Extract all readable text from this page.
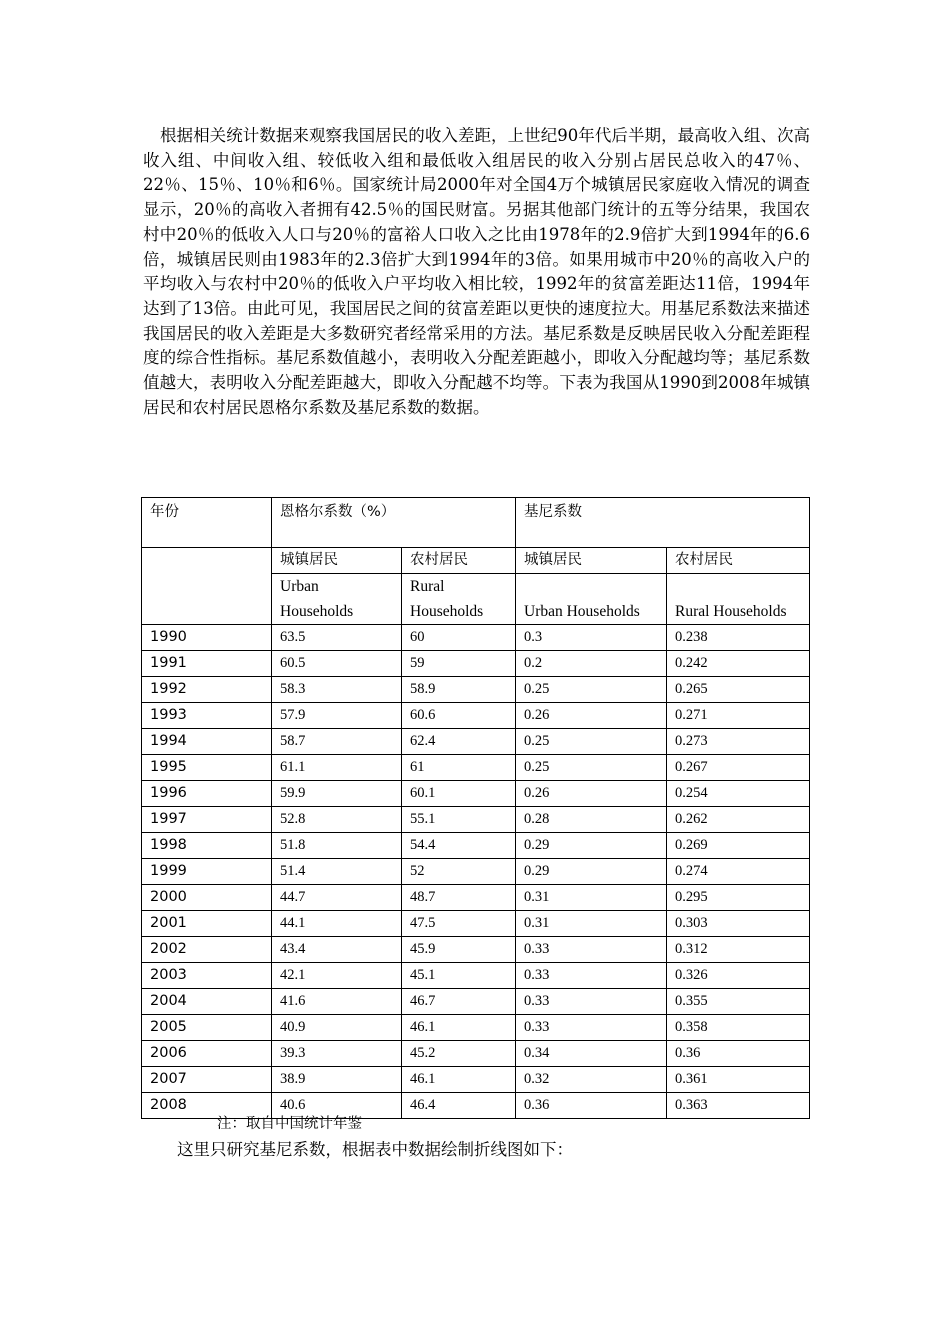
根据相关统计数据来观察我国居民的收入差距，上世纪90年代后半期，最高收入组、次高收入组、中间收入组、较低收入组和最低收入组居民的收入分别占居民总收入的47％、22％、15％、10％和6％。国家统计局2000年对全国4万个城镇居民家庭收入情况的调查显示，20％的高收入者拥有42.5％的国民财富。另据其他部门统计的五等分结果，我国农村中20％的低收入人口与20％的富裕人口收入之比由1978年的2.9倍扩大到1994年的6.6倍，城镇居民则由1983年的2.3倍扩大到1994年的3倍。如果用城市中20％的高收入户的平均收入与农村中20％的低收入户平均收入相比较，1992年的贫富差距达11倍，1994年达到了13倍。由此可见，我国居民之间的贫富差距以更快的速度拉大。用基尼系数法来描述我国居民的收入差距是大多数研究者经常采用的方法。基尼系数是反映居民收入分配差距程度的综合性指标。基尼系数值越小，表明收入分配差距越小，即收入分配越均等；基尼系数值越大，表明收入分配差距越大，即收入分配越不均等。下表为我国从1990到2008年城镇居民和农村居民恩格尔系数及基尼系数的数据。

年份	恩格尔系数（%）		基尼系数	
	城镇居民	农村居民	城镇居民	农村居民

	Urban Households	Rural Households	Urban Households	Rural Households

1990	63.5	60	0.3	0.238
1991	60.5	59	0.2	0.242
1992	58.3	58.9	0.25	0.265
1993	57.9	60.6	0.26	0.271
1994	58.7	62.4	0.25	0.273
1995	61.1	61	0.25	0.267
1996	59.9	60.1	0.26	0.254
1997	52.8	55.1	0.28	0.262
1998	51.8	54.4	0.29	0.269
1999	51.4	52	0.29	0.274
2000	44.7	48.7	0.31	0.295
2001	44.1	47.5	0.31	0.303
2002	43.4	45.9	0.33	0.312
2003	42.1	45.1	0.33	0.326
2004	41.6	46.7	0.33	0.355
2005	40.9	46.1	0.33	0.358
2006	39.3	45.2	0.34	0.36
2007	38.9	46.1	0.32	0.361
2008	40.6	46.4	0.36	0.363

注：取自中国统计年鉴

这里只研究基尼系数，根据表中数据绘制折线图如下：
